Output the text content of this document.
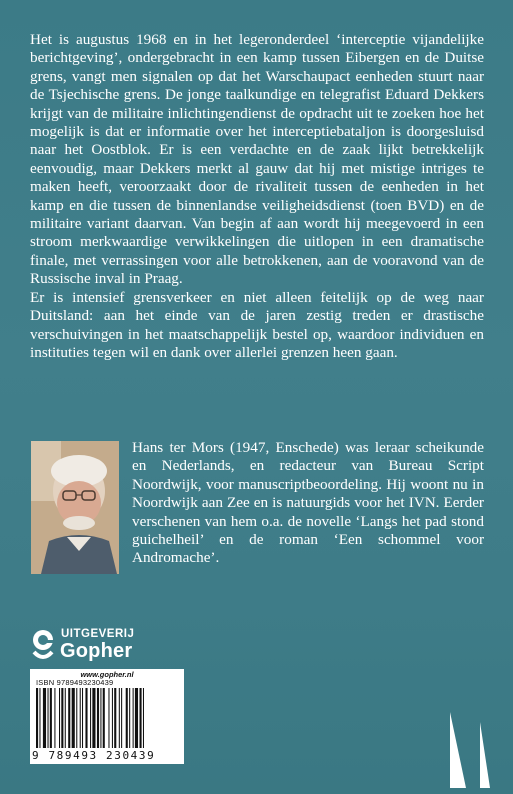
Het is augustus 1968 en in het legeronderdeel ‘interceptie vijandelijke berichtgeving’, ondergebracht in een kamp tussen Eibergen en de Duitse grens, vangt men signalen op dat het Warschaupact eenheden stuurt naar de Tsjechische grens. De jonge taalkundige en telegrafist Eduard Dekkers krijgt van de militaire inlichtingendienst de opdracht uit te zoeken hoe het mogelijk is dat er informatie over het interceptiebataljon is doorgesluisd naar het Oostblok. Er is een verdachte en de zaak lijkt betrekkelijk eenvoudig, maar Dekkers merkt al gauw dat hij met mistige intriges te maken heeft, veroorzaakt door de rivaliteit tussen de eenheden in het kamp en die tussen de binnenlandse veiligheidsdienst (toen BVD) en de militaire variant daarvan. Van begin af aan wordt hij meegevoerd in een stroom merkwaardige verwikkelingen die uitlopen in een dramatische finale, met verrassingen voor alle betrokkenen, aan de vooravond van de Russische inval in Praag.

Er is intensief grensverkeer en niet alleen feitelijk op de weg naar Duitsland: aan het einde van de jaren zestig treden er drastische verschuivingen in het maatschappelijk bestel op, waardoor individuen en instituties tegen wil en dank over allerlei grenzen heen gaan.

Hans ter Mors (1947, Enschede) was leraar scheikunde en Nederlands, en redacteur van Bureau Script Noordwijk, voor manuscriptbeoordeling. Hij woont nu in Noordwijk aan Zee en is natuurgids voor het IVN. Eerder verschenen van hem o.a. de novelle ‘Langs het pad stond guichelheil’ en de roman ‘Een schommel voor Andromache’.
UITGEVERIJ
Gopher
www.gopher.nl
ISBN 9789493230439
9 789493 230439
